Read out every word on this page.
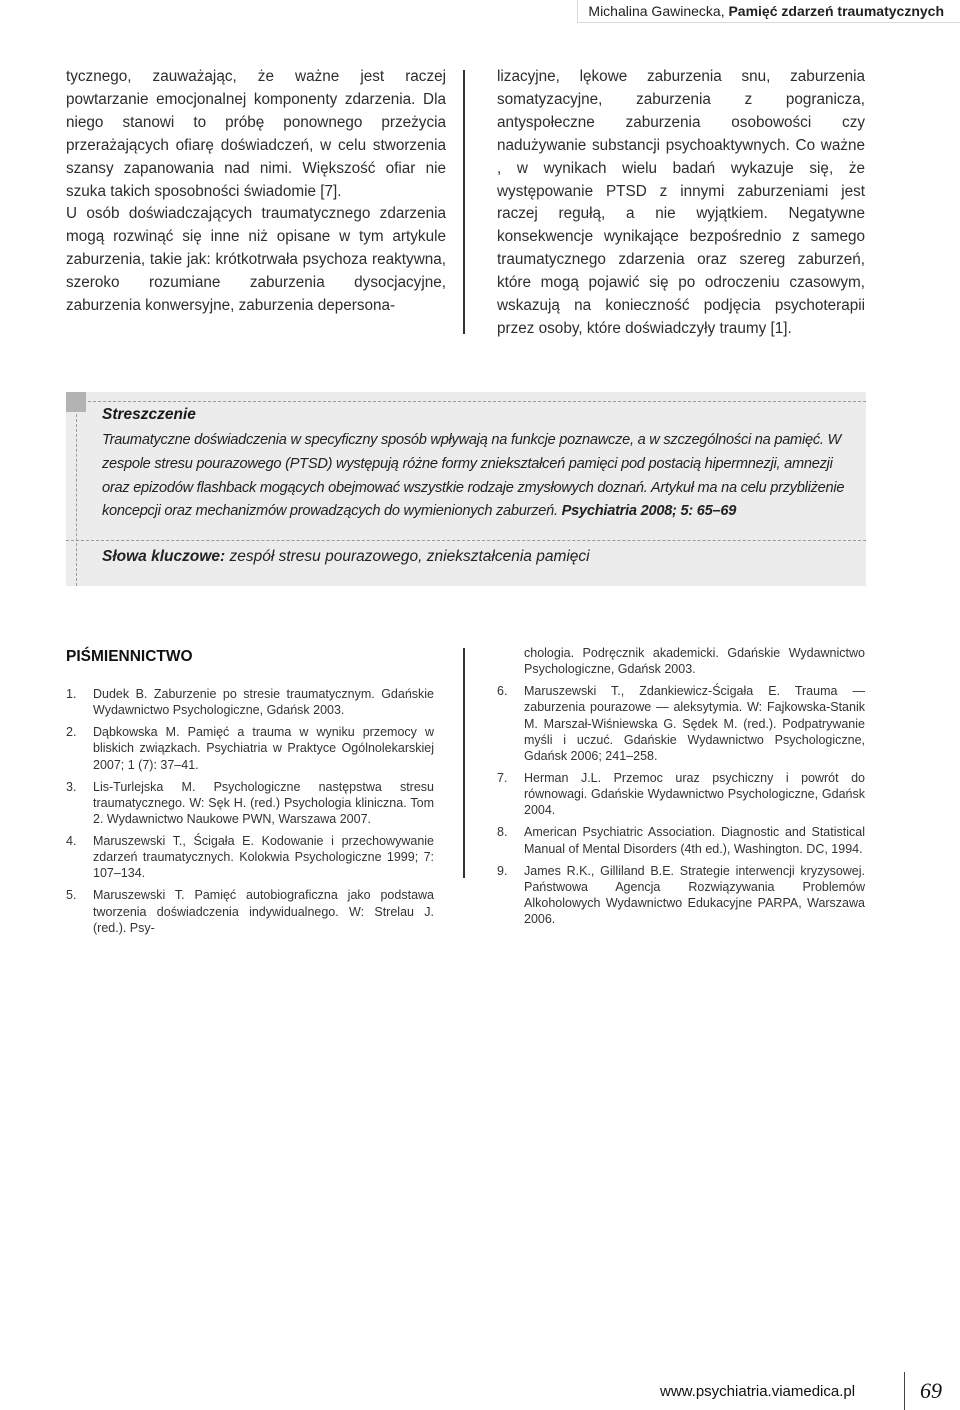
Michalina Gawinecka, Pamięć zdarzeń traumatycznych

tycznego, zauważając, że ważne jest raczej powtarzanie emocjonalnej komponenty zdarzenia. Dla niego stanowi to próbę ponownego przeżycia przerażających ofiarę doświadczeń, w celu stworzenia szansy zapanowania nad nimi. Większość ofiar nie szuka takich sposobności świadomie [7].

U osób doświadczających traumatycznego zdarzenia mogą rozwinąć się inne niż opisane w tym artykule zaburzenia, takie jak: krótkotrwała psychoza reaktywna, szeroko rozumiane zaburzenia dysocjacyjne, zaburzenia konwersyjne, zaburzenia depersona-

lizacyjne, lękowe zaburzenia snu, zaburzenia somatyzacyjne, zaburzenia z pogranicza, antyspołeczne zaburzenia osobowości czy nadużywanie substancji psychoaktywnych. Co ważne , w wynikach wielu badań wykazuje się, że występowanie PTSD z innymi zaburzeniami jest raczej regułą, a nie wyjątkiem. Negatywne konsekwencje wynikające bezpośrednio z samego traumatycznego zdarzenia oraz szereg zaburzeń, które mogą pojawić się po odroczeniu czasowym, wskazują na konieczność podjęcia psychoterapii przez osoby, które doświadczyły traumy [1].

Streszczenie

Traumatyczne doświadczenia w specyficzny sposób wpływają na funkcje poznawcze, a w szczególności na pamięć. W zespole stresu pourazowego (PTSD) występują różne formy zniekształceń pamięci pod postacią hipermnezji, amnezji oraz epizodów flashback mogących obejmować wszystkie rodzaje zmysłowych doznań. Artykuł ma na celu przybliżenie koncepcji oraz mechanizmów prowadzących do wymienionych zaburzeń. Psychiatria 2008; 5: 65–69

Słowa kluczowe: zespół stresu pourazowego, zniekształcenia pamięci
PIŚMIENNICTWO
1. Dudek B. Zaburzenie po stresie traumatycznym. Gdańskie Wydawnictwo Psychologiczne, Gdańsk 2003.
2. Dąbkowska M. Pamięć a trauma w wyniku przemocy w bliskich związkach. Psychiatria w Praktyce Ogólnolekarskiej 2007; 1 (7): 37–41.
3. Lis-Turlejska M. Psychologiczne następstwa stresu traumatycznego. W: Sęk H. (red.) Psychologia kliniczna. Tom 2. Wydawnictwo Naukowe PWN, Warszawa 2007.
4. Maruszewski T., Ścigała E. Kodowanie i przechowywanie zdarzeń traumatycznych. Kolokwia Psychologiczne 1999; 7: 107–134.
5. Maruszewski T. Pamięć autobiograficzna jako podstawa tworzenia doświadczenia indywidualnego. W: Strelau J. (red.). Psy-

chologia. Podręcznik akademicki. Gdańskie Wydawnictwo Psychologiczne, Gdańsk 2003.

6. Maruszewski T., Zdankiewicz-Ścigała E. Trauma — zaburzenia pourazowe — aleksytymia. W: Fajkowska-Stanik M. Marszał-Wiśniewska G. Sędek M. (red.). Podpatrywanie myśli i uczuć. Gdańskie Wydawnictwo Psychologiczne, Gdańsk 2006; 241–258.
7. Herman J.L. Przemoc uraz psychiczny i powrót do równowagi. Gdańskie Wydawnictwo Psychologiczne, Gdańsk 2004.
8. American Psychiatric Association. Diagnostic and Statistical Manual of Mental Disorders (4th ed.), Washington. DC, 1994.
9. James R.K., Gilliland B.E. Strategie interwencji kryzysowej. Państwowa Agencja Rozwiązywania Problemów Alkoholowych Wydawnictwo Edukacyjne PARPA, Warszawa 2006.
www.psychiatria.viamedica.pl	69
